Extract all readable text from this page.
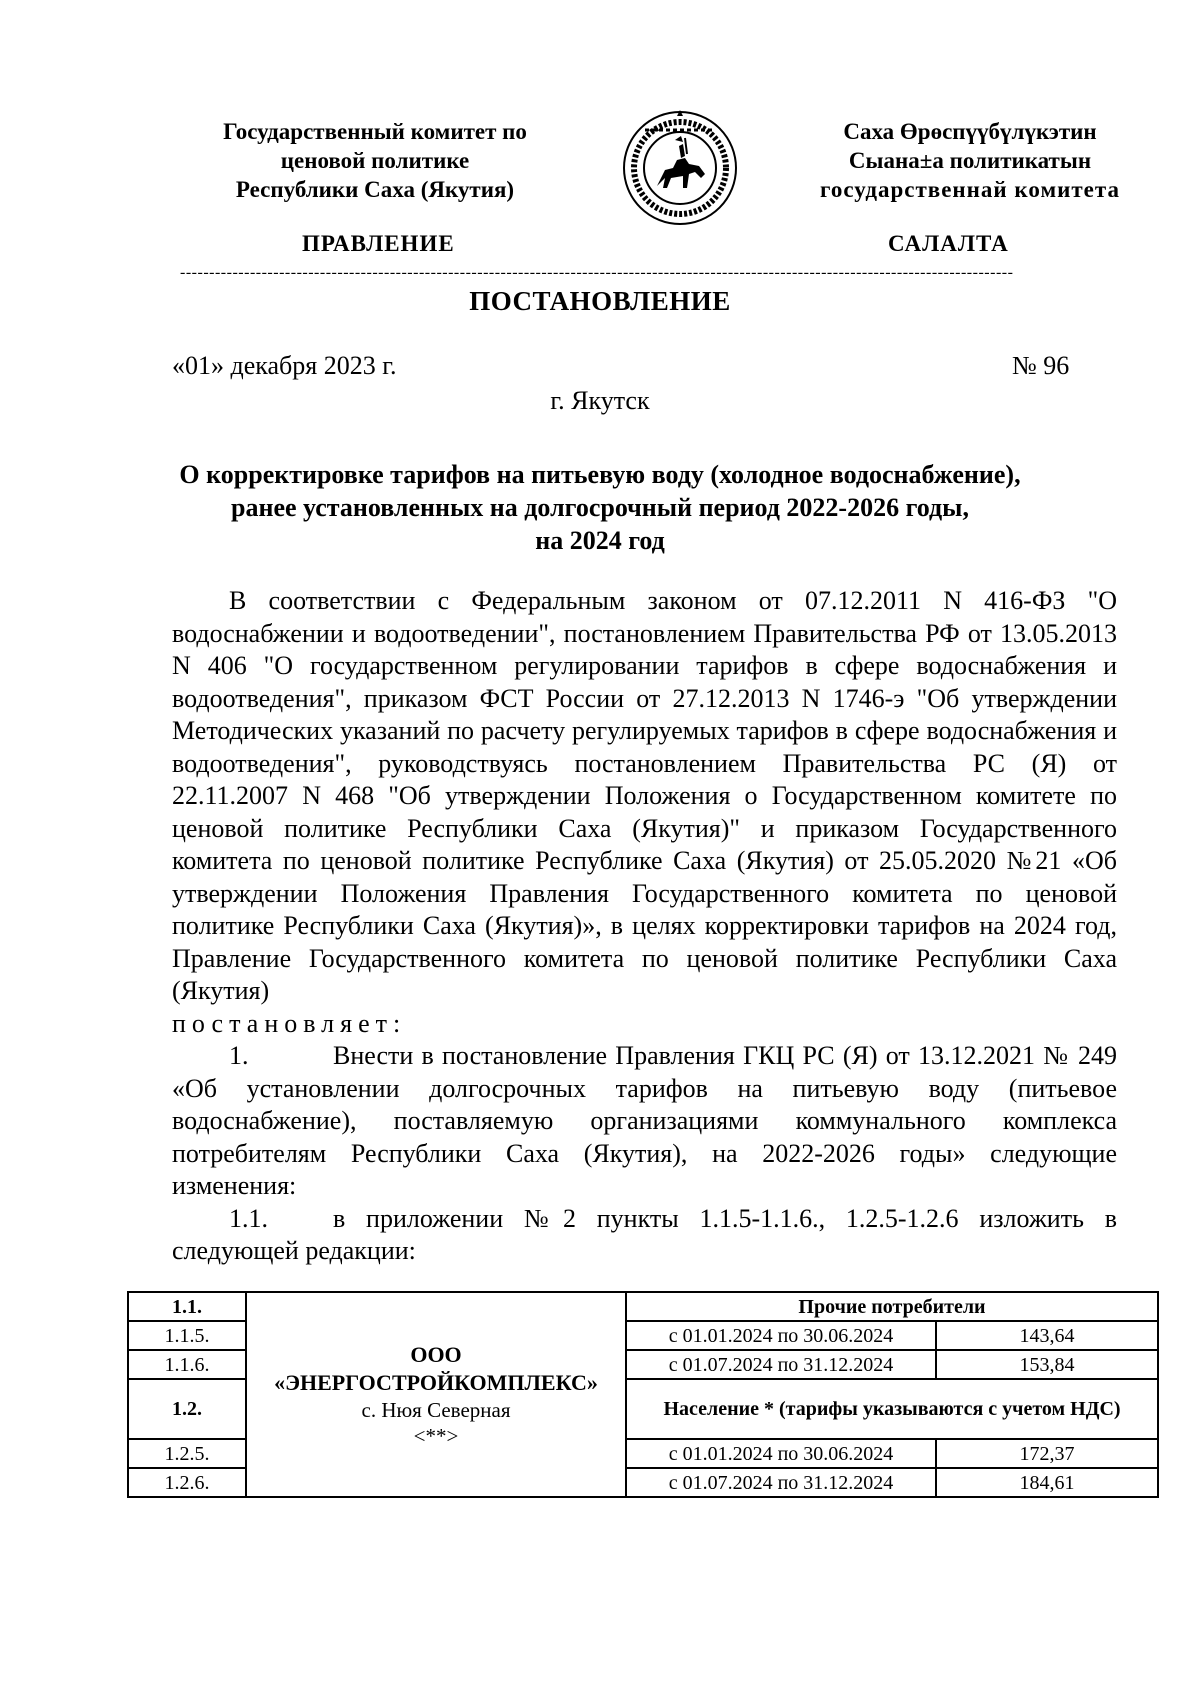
Государственный комитет по
ценовой политике
Республики Саха (Якутия)
Саха Өрөспүүбүлүкэтин
Сыана±а политикатын
государственнай комитета
ПРАВЛЕНИЕ	САЛАЛТА
-----------------------------------------------------------------------------------------------------------------------------------------------
ПОСТАНОВЛЕНИЕ
«01» декабря 2023 г.	№ 96
г. Якутск
О корректировке тарифов на питьевую воду (холодное водоснабжение),
ранее установленных на долгосрочный период 2022-2026 годы,
на 2024 год

В соответствии с Федеральным законом от 07.12.2011 N 416-ФЗ "О водоснабжении и водоотведении", постановлением Правительства РФ от 13.05.2013 N 406 "О государственном регулировании тарифов в сфере водоснабжения и водоотведения", приказом ФСТ России от 27.12.2013 N 1746-э "Об утверждении Методических указаний по расчету регулируемых тарифов в сфере водоснабжения и водоотведения", руководствуясь постановлением Правительства РС (Я) от 22.11.2007 N 468 "Об утверждении Положения о Государственном комитете по ценовой политике Республики Саха (Якутия)" и приказом Государственного комитета по ценовой политике Республике Саха (Якутия) от 25.05.2020 №21 «Об утверждении Положения Правления Государственного комитета по ценовой политике Республики Саха (Якутия)», в целях корректировки тарифов на 2024 год, Правление Государственного комитета по ценовой политике Республики Саха (Якутия)

постановляет:

1.	Внести в постановление Правления ГКЦ РС (Я) от 13.12.2021 № 249 «Об установлении долгосрочных тарифов на питьевую воду (питьевое водоснабжение), поставляемую организациями коммунального комплекса потребителям Республики Саха (Якутия), на 2022-2026 годы» следующие изменения:

1.1.	в приложении №2 пункты 1.1.5-1.1.6., 1.2.5-1.2.6 изложить в следующей редакции:

1.1.	ООО
«ЭНЕРГОСТРОЙКОМПЛЕКС»
с. Нюя Северная
<**>	Прочие потребители	
1.1.5.		с 01.01.2024 по 30.06.2024	143,64
1.1.6.		с 01.07.2024 по 31.12.2024	153,84
1.2.		Население * (тарифы указываются с учетом НДС)	
1.2.5.		с 01.01.2024 по 30.06.2024	172,37
1.2.6.		с 01.07.2024 по 31.12.2024	184,61
